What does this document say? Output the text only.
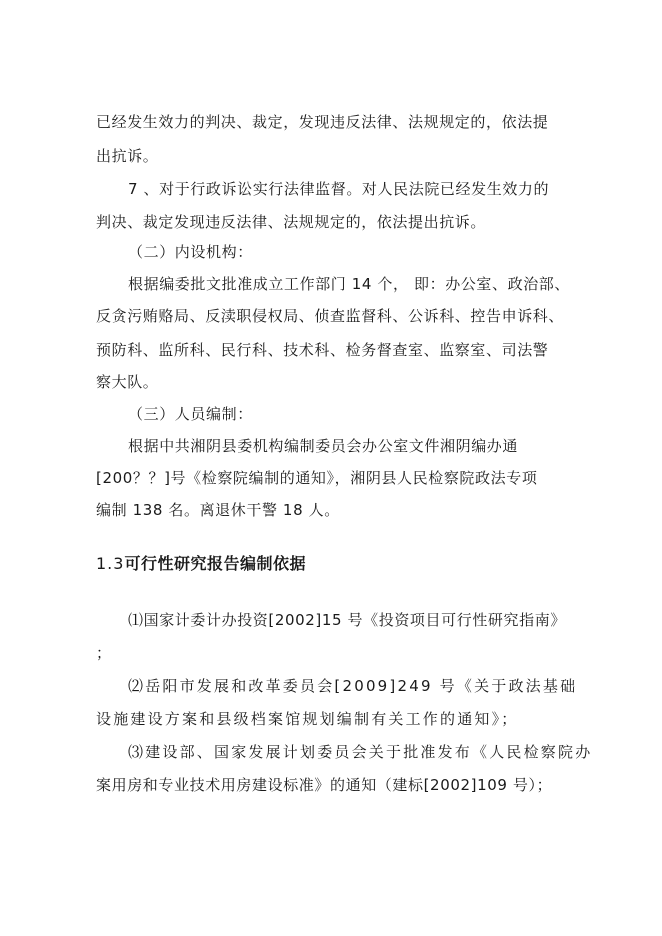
已经发生效力的判决、裁定，发现违反法律、法规规定的，依法提
出抗诉。
7 、对于行政诉讼实行法律监督。对人民法院已经发生效力的
判决、裁定发现违反法律、法规规定的，依法提出抗诉。
（二）内设机构：
根据编委批文批准成立工作部门 14 个， 即：办公室、政治部、
反贪污贿赂局、反渎职侵权局、侦查监督科、公诉科、控告申诉科、
预防科、监所科、民行科、技术科、检务督查室、监察室、司法警
察大队。
（三）人员编制：
根据中共湘阴县委机构编制委员会办公室文件湘阴编办通
[200？？]号《检察院编制的通知》，湘阴县人民检察院政法专项
编制 138 名。离退休干警 18 人。
1.3可行性研究报告编制依据
⑴国家计委计办投资[2002]15 号《投资项目可行性研究指南》
；
⑵岳阳市发展和改革委员会[2009]249 号《关于政法基础
设施建设方案和县级档案馆规划编制有关工作的通知》；
⑶建设部、国家发展计划委员会关于批准发布《人民检察院办
案用房和专业技术用房建设标准》的通知（建标[2002]109 号）；
